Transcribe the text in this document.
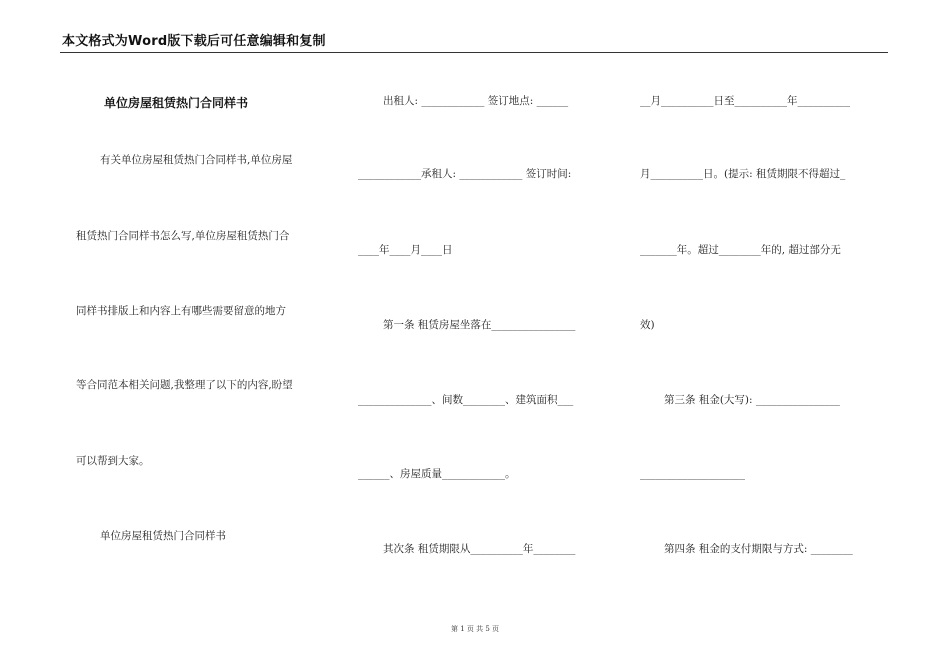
本文格式为Word版下载后可任意编辑和复制
单位房屋租赁热门合同样书
有关单位房屋租赁热门合同样书,单位房屋
租赁热门合同样书怎么写,单位房屋租赁热门合
同样书排版上和内容上有哪些需要留意的地方
等合同范本相关问题,我整理了以下的内容,盼望
可以帮到大家。
单位房屋租赁热门合同样书
出租人: ____________ 签订地点: ______
____________承租人: ____________ 签订时间:
____年____月____日
第一条 租赁房屋坐落在________________
______________、间数________、建筑面积___
______、房屋质量____________。
其次条 租赁期限从__________年________
__月__________日至__________年__________
月__________日。(提示: 租赁期限不得超过_
_______年。超过________年的, 超过部分无
效)
第三条 租金(大写): ________________
____________________
第四条 租金的支付期限与方式: ________
第 1 页 共 5 页
